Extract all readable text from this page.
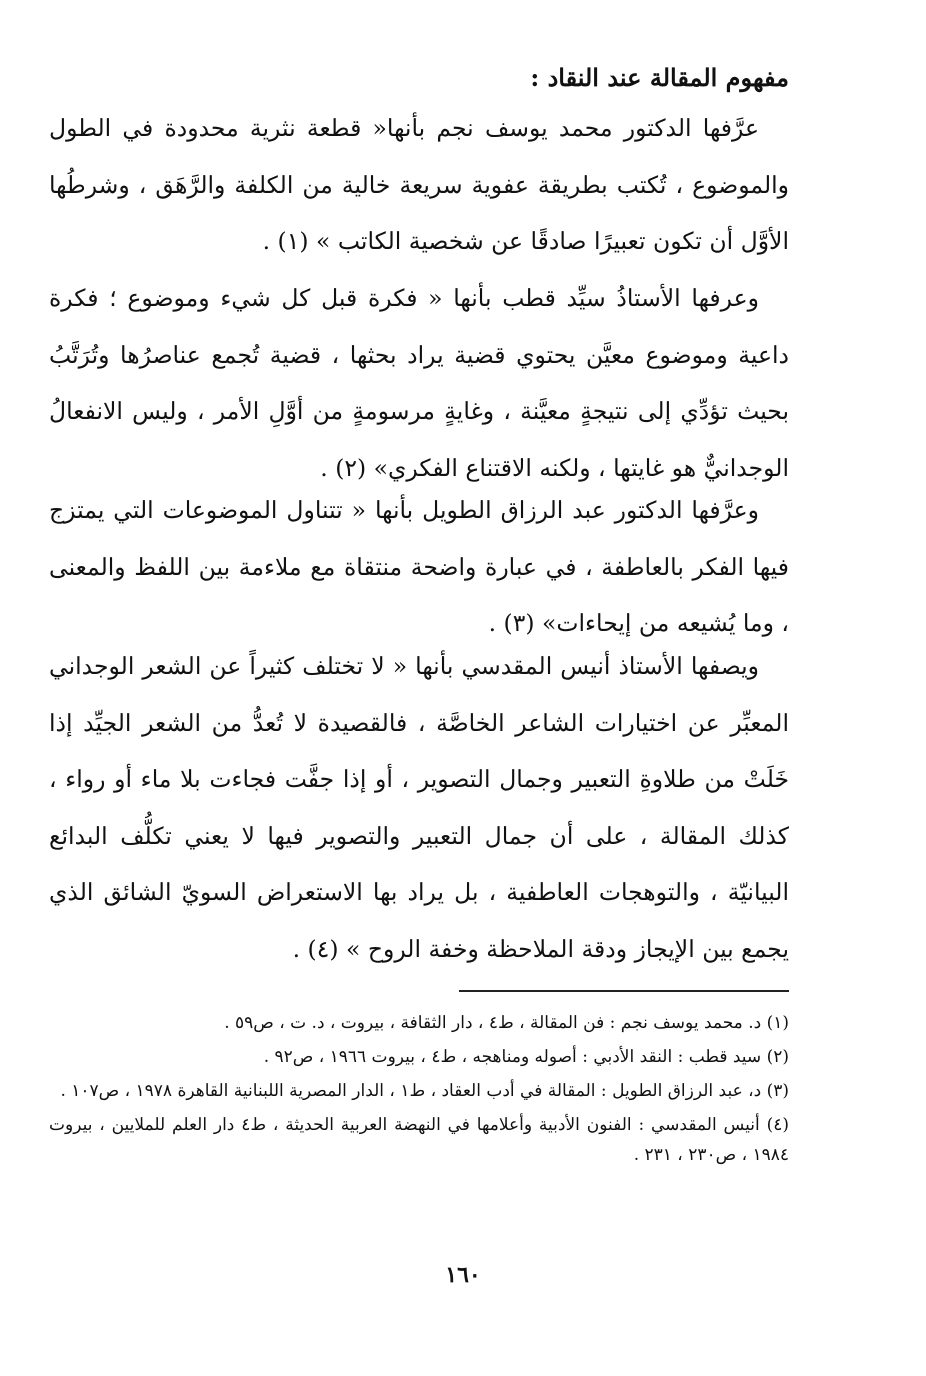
مفهوم المقالة عند النقاد :

عرَّفها الدكتور محمد يوسف نجم بأنها« قطعة نثرية محدودة في الطول والموضوع ، تُكتب بطريقة عفوية سريعة خالية من الكلفة والرَّهَق ، وشرطُها الأوَّل أن تكون تعبيرًا صادقًا عن شخصية الكاتب » (١) .

وعرفها الأستاذُ سيِّد قطب بأنها « فكرة قبل كل شيء وموضوع ؛ فكرة داعية وموضوع معيَّن يحتوي قضية يراد بحثها ، قضية تُجمع عناصرُها وتُرَتَّبُ بحيث تؤدِّي إلى نتيجةٍ معيَّنة ، وغايةٍ مرسومةٍ من أوَّلِ الأمر ، وليس الانفعالُ الوجدانيٌّ هو غايتها ، ولكنه الاقتناع الفكري» (٢) .

وعرَّفها الدكتور عبد الرزاق الطويل بأنها « تتناول الموضوعات التي يمتزج فيها الفكر بالعاطفة ، في عبارة واضحة منتقاة مع ملاءمة بين اللفظ والمعنى ، وما يُشيعه من إيحاءات» (٣) .

ويصفها الأستاذ أنيس المقدسي بأنها « لا تختلف كثيراً عن الشعر الوجداني المعبِّر عن اختيارات الشاعر الخاصَّة ، فالقصيدة لا تُعدُّ من الشعر الجيِّد إذا خَلَتْ من طلاوةِ التعبير وجمال التصوير ، أو إذا جفَّت فجاءت بلا ماء أو رواء ، كذلك المقالة ، على أن جمال التعبير والتصوير فيها لا يعني تكلُّف البدائع البيانيّة ، والتوهجات العاطفية ، بل يراد بها الاستعراض السويّ الشائق الذي يجمع بين الإيجاز ودقة الملاحظة وخفة الروح » (٤) .

(١) د. محمد يوسف نجم : فن المقالة ، ط٤ ، دار الثقافة ، بيروت ، د. ت ، ص٥٩ .
(٢) سيد قطب : النقد الأدبي : أصوله ومناهجه ، ط٤ ، بيروت ١٩٦٦ ، ص٩٢ .
(٣) د، عبد الرزاق الطويل : المقالة في أدب العقاد ، ط١ ، الدار المصرية اللبنانية القاهرة ١٩٧٨ ، ص١٠٧ .
(٤) أنيس المقدسي : الفنون الأدبية وأعلامها في النهضة العربية الحديثة ، ط٤ دار العلم للملايين ، بيروت ١٩٨٤ ، ص٢٣٠ ، ٢٣١ .
١٦٠
